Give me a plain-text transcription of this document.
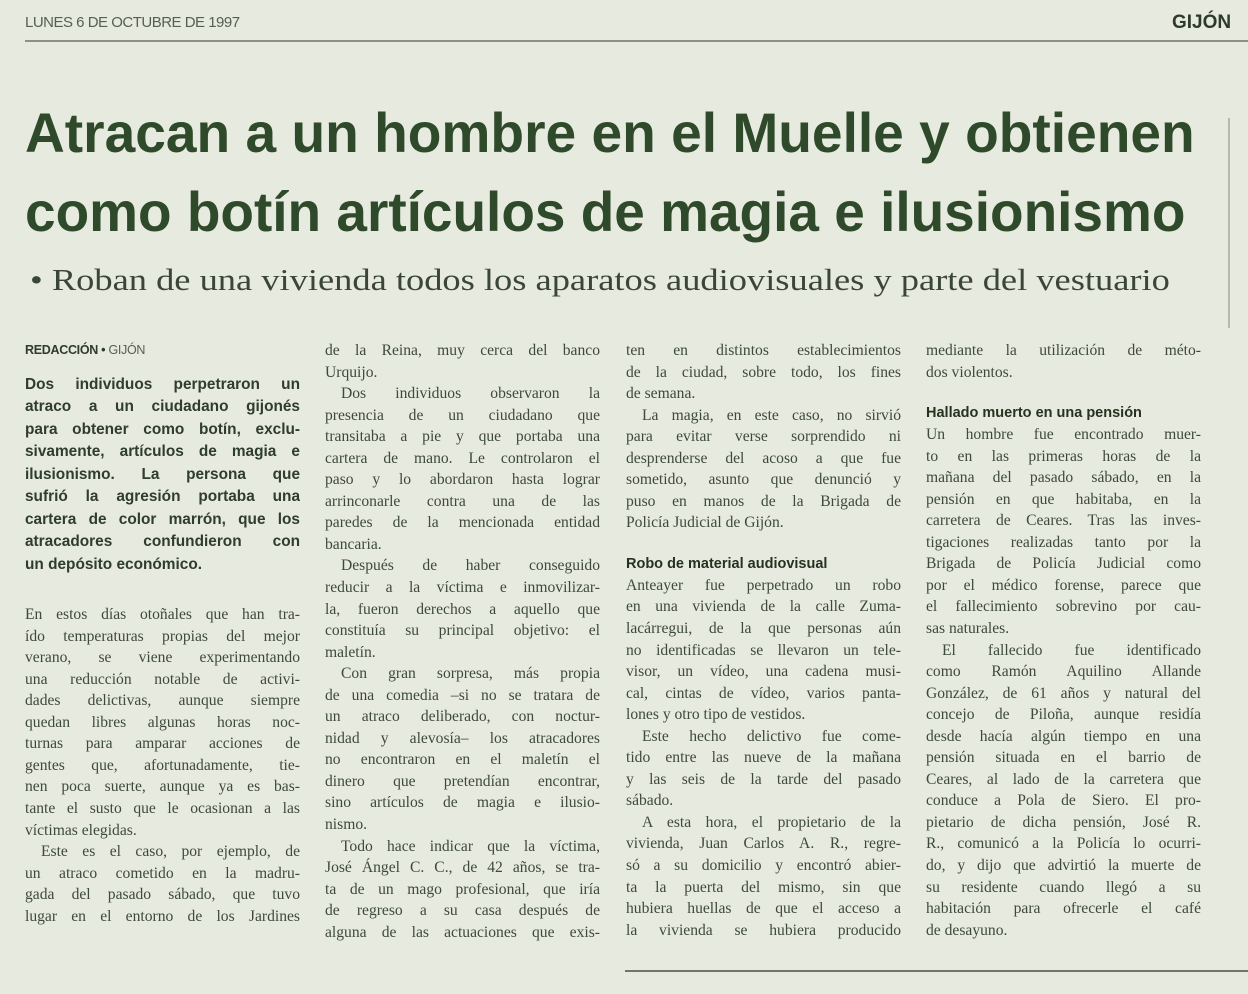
LUNES 6 DE OCTUBRE DE 1997	GIJÓN
Atracan a un hombre en el Muelle y obtienen
como botín artículos de magia e ilusionismo
• Roban de una vivienda todos los aparatos audiovisuales y parte del vestuario
REDACCIÓN • GIJÓN
Dos individuos perpetraron un
atraco a un ciudadano gijonés
para obtener como botín, exclu-
sivamente, artículos de magia e
ilusionismo. La persona que
sufrió la agresión portaba una
cartera de color marrón, que los
atracadores confundieron con
un depósito económico.
En estos días otoñales que han tra-
ído temperaturas propias del mejor
verano, se viene experimentando
una reducción notable de activi-
dades delictivas, aunque siempre
quedan libres algunas horas noc-
turnas para amparar acciones de
gentes que, afortunadamente, tie-
nen poca suerte, aunque ya es bas-
tante el susto que le ocasionan a las
víctimas elegidas.
Este es el caso, por ejemplo, de
un atraco cometido en la madru-
gada del pasado sábado, que tuvo
lugar en el entorno de los Jardines
de la Reina, muy cerca del banco
Urquijo.
Dos individuos observaron la
presencia de un ciudadano que
transitaba a pie y que portaba una
cartera de mano. Le controlaron el
paso y lo abordaron hasta lograr
arrinconarle contra una de las
paredes de la mencionada entidad
bancaria.
Después de haber conseguido
reducir a la víctima e inmovilizar-
la, fueron derechos a aquello que
constituía su principal objetivo: el
maletín.
Con gran sorpresa, más propia
de una comedia –si no se tratara de
un atraco deliberado, con noctur-
nidad y alevosía– los atracadores
no encontraron en el maletín el
dinero que pretendían encontrar,
sino artículos de magia e ilusio-
nismo.
Todo hace indicar que la víctima,
José Ángel C. C., de 42 años, se tra-
ta de un mago profesional, que iría
de regreso a su casa después de
alguna de las actuaciones que exis-
ten en distintos establecimientos
de la ciudad, sobre todo, los fines
de semana.
La magia, en este caso, no sirvió
para evitar verse sorprendido ni
desprenderse del acoso a que fue
sometido, asunto que denunció y
puso en manos de la Brigada de
Policía Judicial de Gijón.
Robo de material audiovisual
Anteayer fue perpetrado un robo
en una vivienda de la calle Zuma-
lacárregui, de la que personas aún
no identificadas se llevaron un tele-
visor, un vídeo, una cadena musi-
cal, cintas de vídeo, varios panta-
lones y otro tipo de vestidos.
Este hecho delictivo fue come-
tido entre las nueve de la mañana
y las seis de la tarde del pasado
sábado.
A esta hora, el propietario de la
vivienda, Juan Carlos A. R., regre-
só a su domicilio y encontró abier-
ta la puerta del mismo, sin que
hubiera huellas de que el acceso a
la vivienda se hubiera producido
mediante la utilización de méto-
dos violentos.
Hallado muerto en una pensión
Un hombre fue encontrado muer-
to en las primeras horas de la
mañana del pasado sábado, en la
pensión en que habitaba, en la
carretera de Ceares. Tras las inves-
tigaciones realizadas tanto por la
Brigada de Policía Judicial como
por el médico forense, parece que
el fallecimiento sobrevino por cau-
sas naturales.
El fallecido fue identificado
como Ramón Aquilino Allande
González, de 61 años y natural del
concejo de Piloña, aunque residía
desde hacía algún tiempo en una
pensión situada en el barrio de
Ceares, al lado de la carretera que
conduce a Pola de Siero. El pro-
pietario de dicha pensión, José R.
R., comunicó a la Policía lo ocurri-
do, y dijo que advirtió la muerte de
su residente cuando llegó a su
habitación para ofrecerle el café
de desayuno.
